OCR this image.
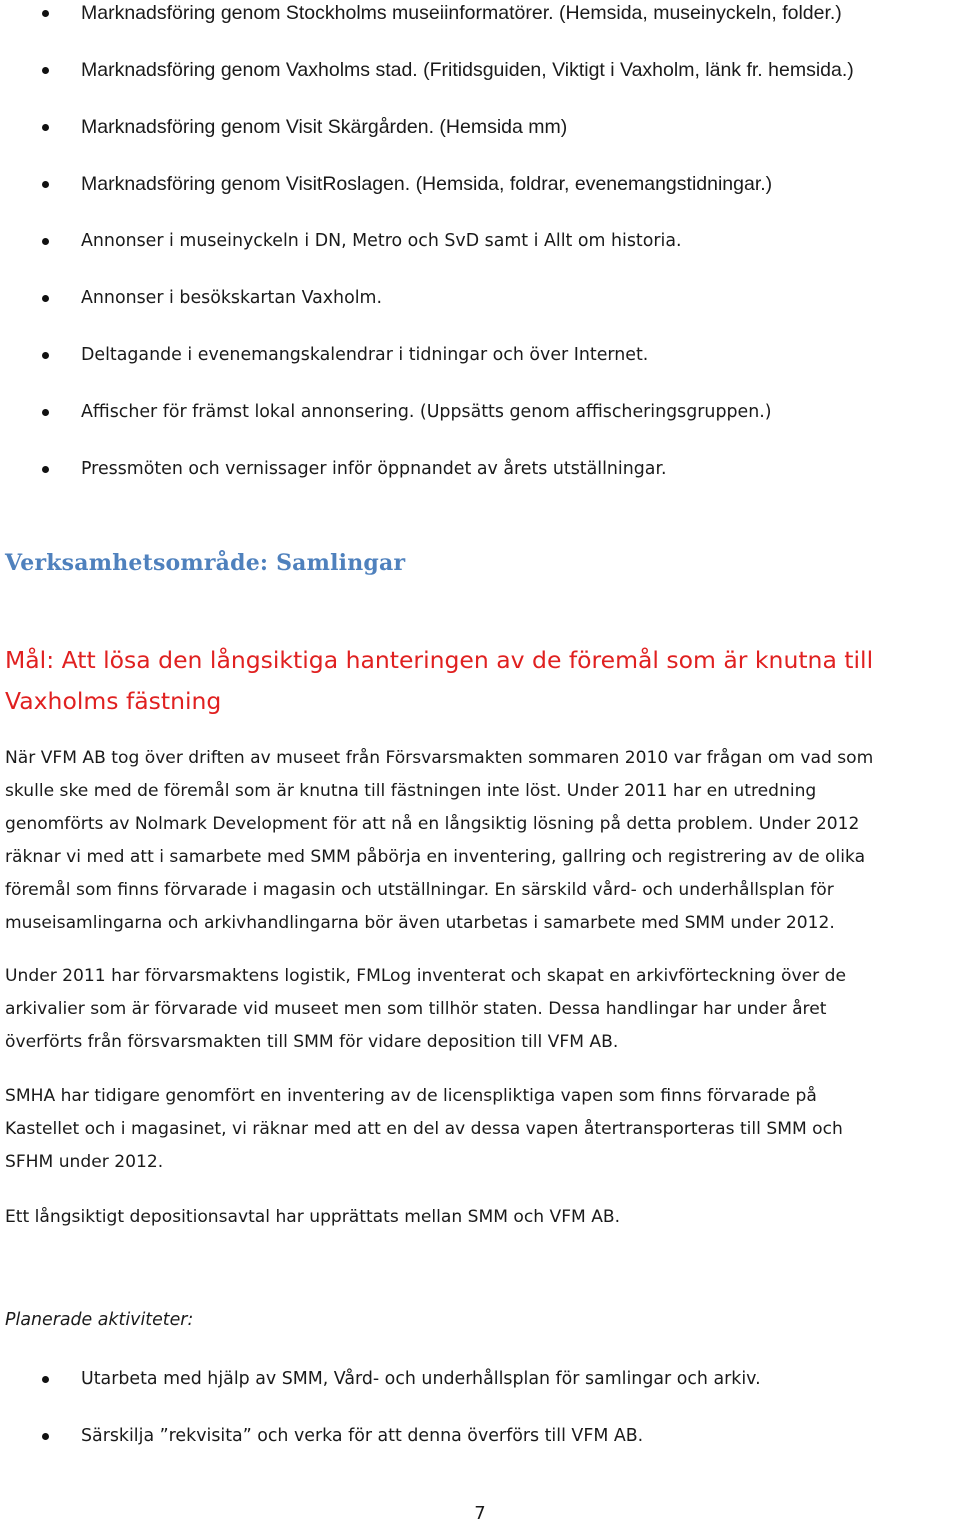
Marknadsföring genom Stockholms museiinformatörer. (Hemsida, museinyckeln, folder.)
Marknadsföring genom Vaxholms stad. (Fritidsguiden, Viktigt i Vaxholm, länk fr. hemsida.)
Marknadsföring genom Visit Skärgården. (Hemsida mm)
Marknadsföring genom VisitRoslagen. (Hemsida, foldrar, evenemangstidningar.)
Annonser i museinyckeln i DN, Metro och SvD samt i Allt om historia.
Annonser i besökskartan Vaxholm.
Deltagande i evenemangskalendrar i tidningar och över Internet.
Affischer för främst lokal annonsering. (Uppsätts genom affischeringsgruppen.)
Pressmöten och vernissager inför öppnandet av årets utställningar.
Verksamhetsområde: Samlingar
Mål: Att lösa den långsiktiga hanteringen av de föremål som är knutna till Vaxholms fästning
När VFM AB tog över driften av museet från Försvarsmakten sommaren 2010 var frågan om vad som
skulle ske med de föremål som är knutna till fästningen inte löst. Under 2011 har en utredning
genomförts av Nolmark Development för att nå en långsiktig lösning på detta problem. Under 2012
räknar vi med att i samarbete med SMM påbörja en inventering, gallring och registrering av de olika
föremål som finns förvarade i magasin och utställningar. En särskild vård- och underhållsplan för
museisamlingarna och arkivhandlingarna bör även utarbetas i samarbete med SMM under 2012.
Under 2011 har förvarsmaktens logistik, FMLog inventerat och skapat en arkivförteckning över de
arkivalier som är förvarade vid museet men som tillhör staten. Dessa handlingar har under året
överförts från försvarsmakten till SMM för vidare deposition till VFM AB.
SMHA har tidigare genomfört en inventering av de licenspliktiga vapen som finns förvarade på
Kastellet och i magasinet, vi räknar med att en del av dessa vapen återtransporteras till SMM och
SFHM under 2012.
Ett långsiktigt depositionsavtal har upprättats mellan SMM och VFM AB.
Planerade aktiviteter:
Utarbeta med hjälp av SMM, Vård- och underhållsplan för samlingar och arkiv.
Särskilja ”rekvisita” och verka för att denna överförs till VFM AB.
7
